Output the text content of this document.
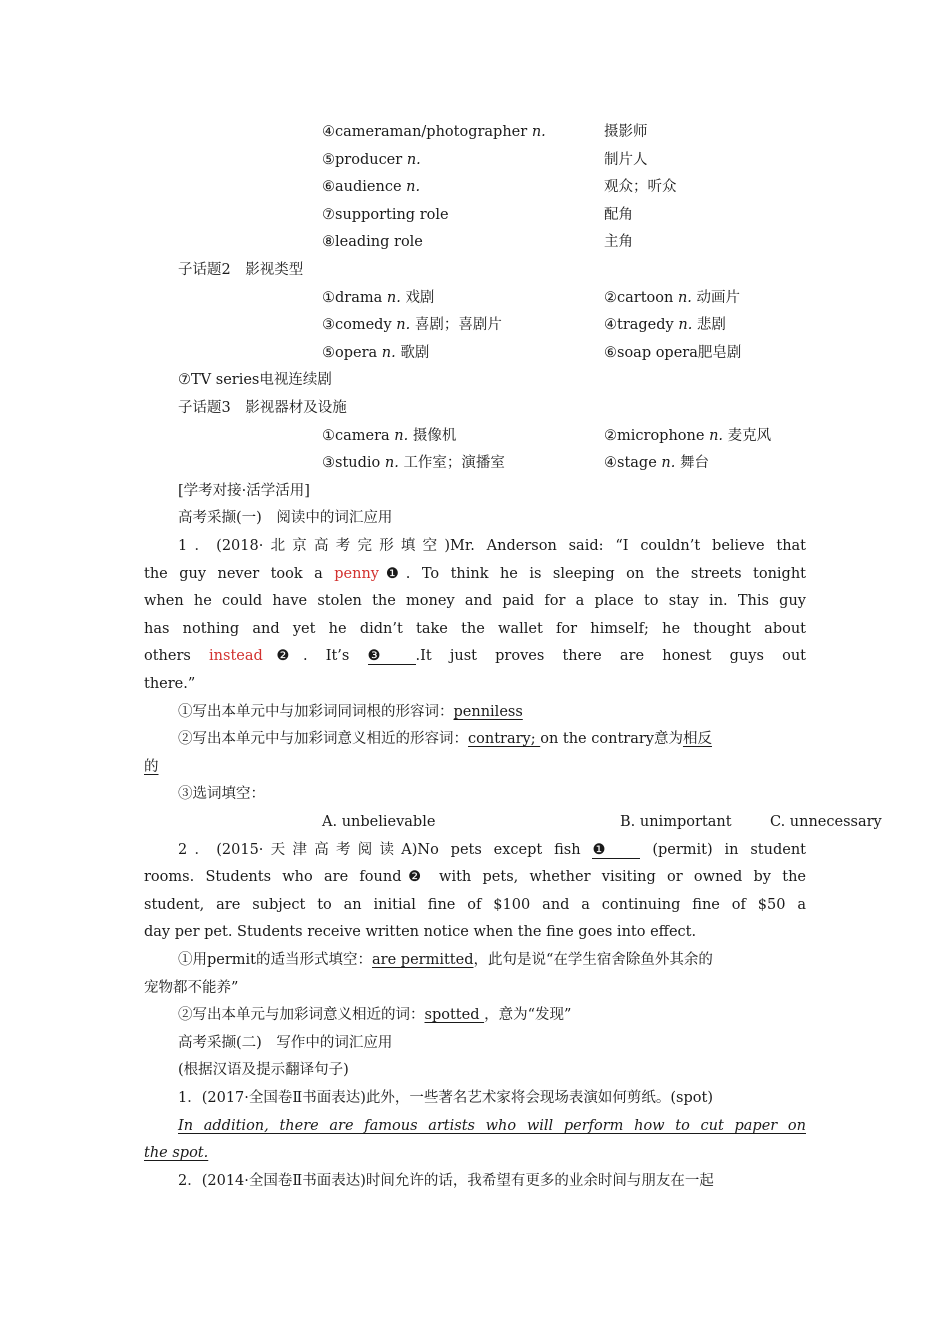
④cameraman/photographer n.	摄影师
⑤producer n.	制片人
⑥audience n.	观众；听众
⑦supporting role	配角
⑧leading role	主角
子话题2　影视类型
①drama n. 戏剧	②cartoon n. 动画片
③comedy n. 喜剧；喜剧片	④tragedy n. 悲剧
⑤opera n. 歌剧	⑥soap opera肥皂剧
⑦TV series电视连续剧
子话题3　影视器材及设施
①camera n. 摄像机	②microphone n. 麦克风
③studio n. 工作室；演播室	④stage n. 舞台
[学考对接·活学活用]
高考采撷(一)　阅读中的词汇应用
1．(2018·北京高考完形填空)Mr. Anderson said: “I couldn’t believe that
the guy never took a penny❶. To think he is sleeping on the streets tonight
when he could have stolen the money and paid for a place to stay in. This guy
has nothing and yet he didn’t take the wallet for himself; he thought about
others instead❷. It’s ❸ .It just proves there are honest guys out
there.”
①写出本单元中与加彩词同词根的形容词：penniless
②写出本单元中与加彩词意义相近的形容词：contrary; on the contrary意为相反
的
③选词填空：
A. unbelievable	B. unimportant	C. unnecessary
2．(2015·天津高考阅读A)No pets except fish ❶ (permit) in student
rooms. Students who are found❷ with pets, whether visiting or owned by the
student, are subject to an initial fine of $100 and a continuing fine of $50 a
day per pet. Students receive written notice when the fine goes into effect.
①用permit的适当形式填空：are permitted，此句是说“在学生宿舍除鱼外其余的
宠物都不能养”
②写出本单元与加彩词意义相近的词：spotted ，意为“发现”
高考采撷(二)　写作中的词汇应用
(根据汉语及提示翻译句子)
1．(2017·全国卷Ⅱ书面表达)此外，一些著名艺术家将会现场表演如何剪纸。(spot)
In addition, there are famous artists who will perform how to cut paper on
the spot.
2．(2014·全国卷Ⅱ书面表达)时间允许的话，我希望有更多的业余时间与朋友在一起
